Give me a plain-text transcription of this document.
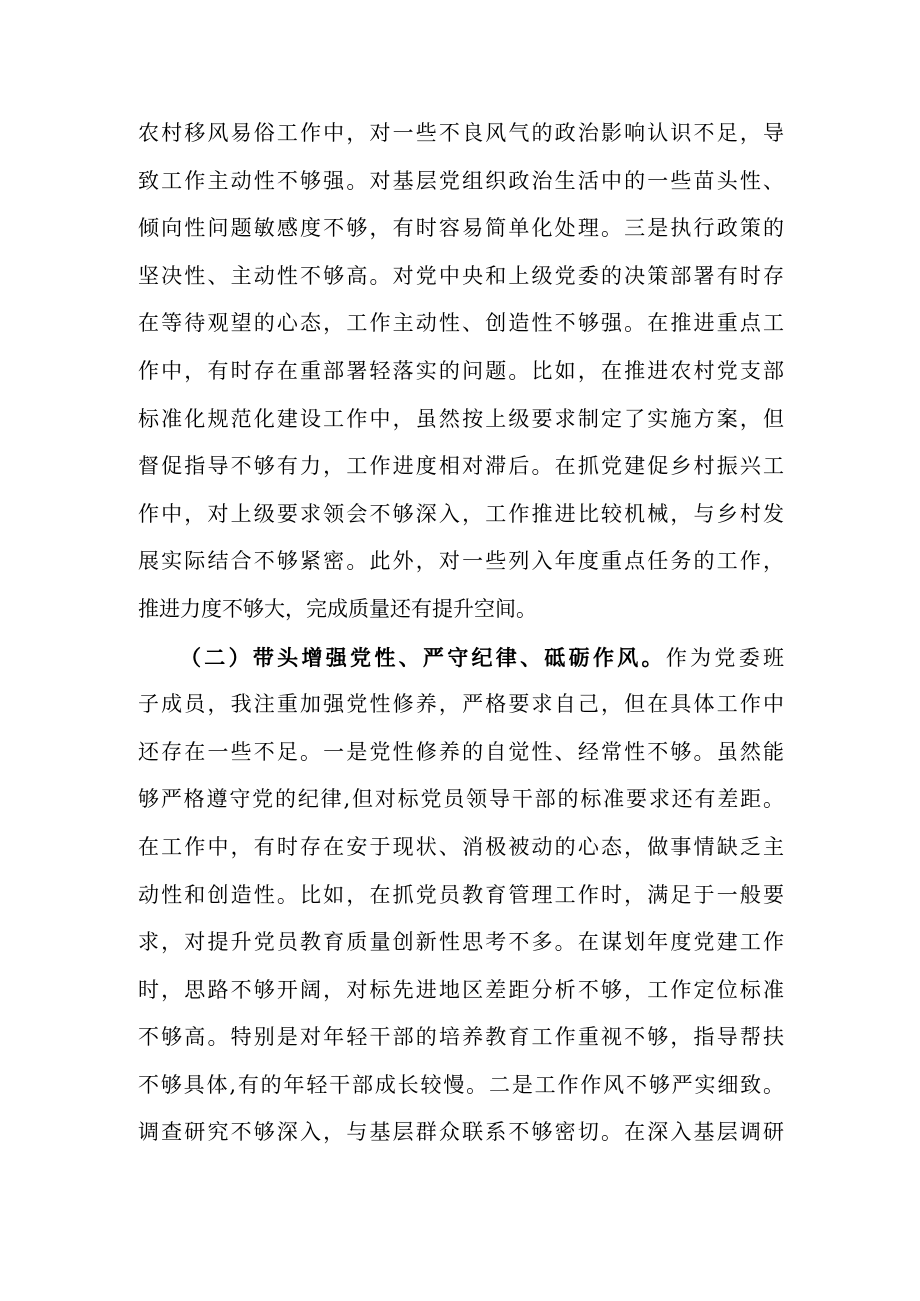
农村移风易俗工作中，对一些不良风气的政治影响认识不足，导
致工作主动性不够强。对基层党组织政治生活中的一些苗头性、
倾向性问题敏感度不够，有时容易简单化处理。三是执行政策的
坚决性、主动性不够高。对党中央和上级党委的决策部署有时存
在等待观望的心态，工作主动性、创造性不够强。在推进重点工
作中，有时存在重部署轻落实的问题。比如，在推进农村党支部
标准化规范化建设工作中，虽然按上级要求制定了实施方案，但
督促指导不够有力，工作进度相对滞后。在抓党建促乡村振兴工
作中，对上级要求领会不够深入，工作推进比较机械，与乡村发
展实际结合不够紧密。此外，对一些列入年度重点任务的工作，
推进力度不够大，完成质量还有提升空间。
（二）带头增强党性、严守纪律、砥砺作风。作为党委班
子成员，我注重加强党性修养，严格要求自己，但在具体工作中
还存在一些不足。一是党性修养的自觉性、经常性不够。虽然能
够严格遵守党的纪律,但对标党员领导干部的标准要求还有差距。
在工作中，有时存在安于现状、消极被动的心态，做事情缺乏主
动性和创造性。比如，在抓党员教育管理工作时，满足于一般要
求，对提升党员教育质量创新性思考不多。在谋划年度党建工作
时，思路不够开阔，对标先进地区差距分析不够，工作定位标准
不够高。特别是对年轻干部的培养教育工作重视不够，指导帮扶
不够具体,有的年轻干部成长较慢。二是工作作风不够严实细致。
调查研究不够深入，与基层群众联系不够密切。在深入基层调研
